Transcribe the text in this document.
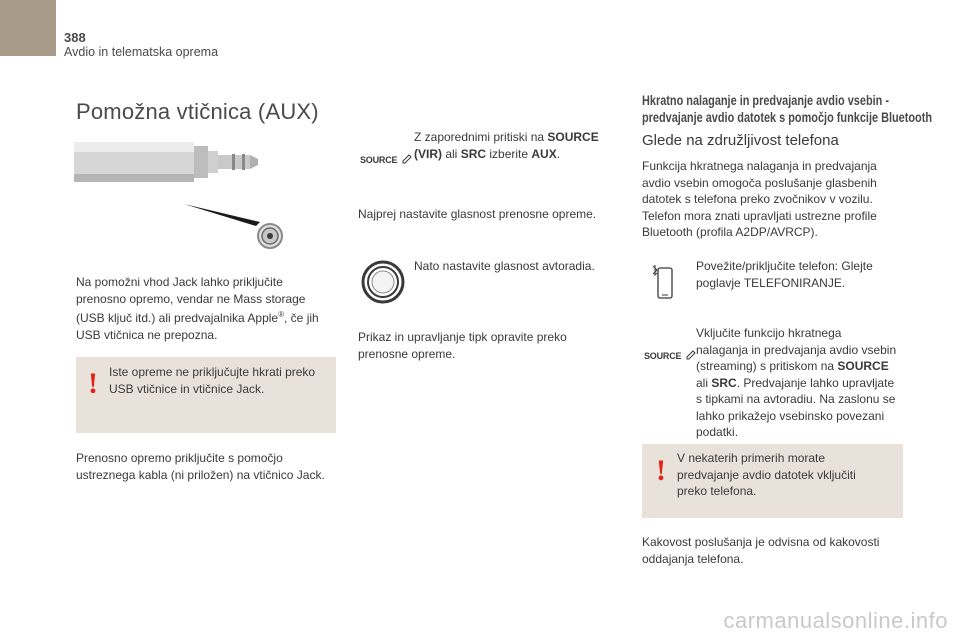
388
Avdio in telematska oprema
Pomožna vtičnica (AUX)
Na pomožni vhod Jack lahko priključite
prenosno opremo, vendar ne Mass storage
(USB ključ itd.) ali predvajalnika Apple®, če jih
USB vtičnica ne prepozna.
! Iste opreme ne priključujte hkrati preko
USB vtičnice in vtičnice Jack.
Prenosno opremo priključite s pomočjo
ustreznega kabla (ni priložen) na vtičnico Jack.
SOURCE
Z zaporednimi pritiski na SOURCE
(VIR) ali SRC izberite AUX.
Najprej nastavite glasnost prenosne opreme.
Nato nastavite glasnost avtoradia.
Prikaz in upravljanje tipk opravite preko
prenosne opreme.
Hkratno nalaganje in predvajanje avdio vsebin -
predvajanje avdio datotek s pomočjo funkcije Bluetooth
Glede na združljivost telefona
Funkcija hkratnega nalaganja in predvajanja
avdio vsebin omogoča poslušanje glasbenih
datotek s telefona preko zvočnikov v vozilu.
Telefon mora znati upravljati ustrezne profile
Bluetooth (profila A2DP/AVRCP).
Povežite/priključite telefon: Glejte
poglavje TELEFONIRANJE.
SOURCE
Vključite funkcijo hkratnega
nalaganja in predvajanja avdio vsebin
(streaming) s pritiskom na SOURCE
ali SRC. Predvajanje lahko upravljate
s tipkami na avtoradiu. Na zaslonu se
lahko prikažejo vsebinsko povezani
podatki.
! V nekaterih primerih morate
predvajanje avdio datotek vključiti
preko telefona.
Kakovost poslušanja je odvisna od kakovosti
oddajanja telefona.
carmanualsonline.info
